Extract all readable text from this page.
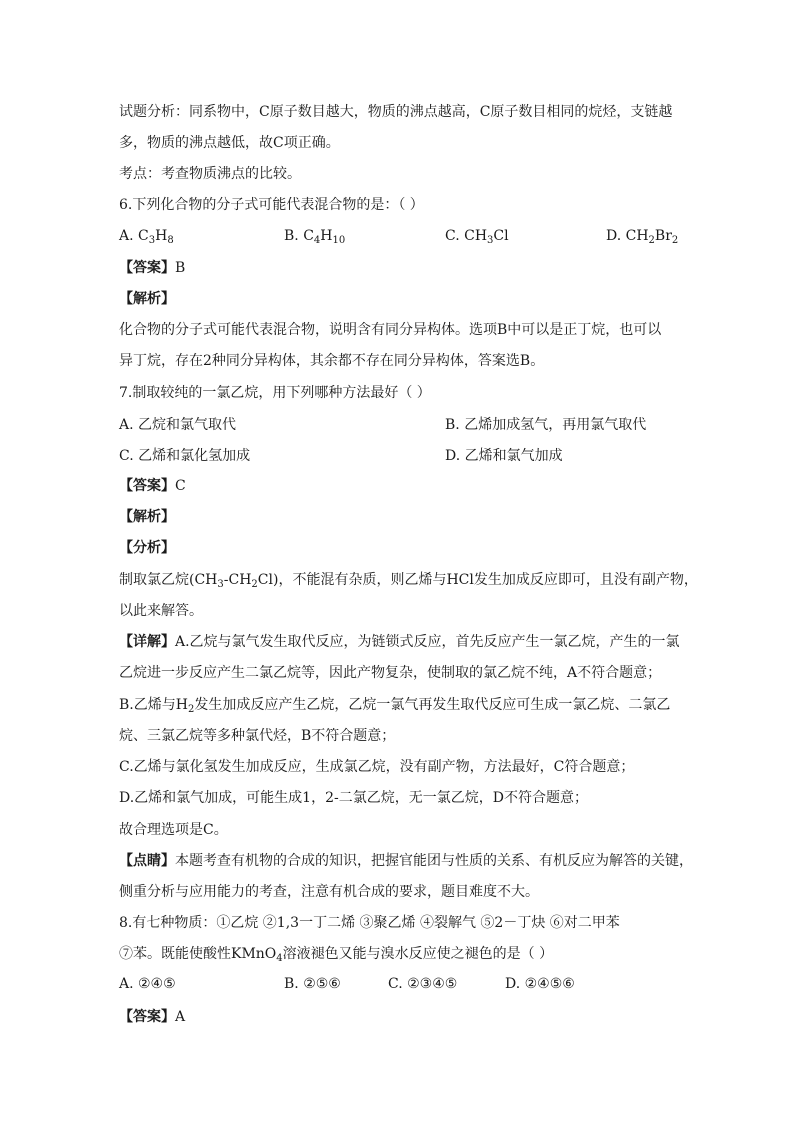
试题分析：同系物中，C原子数目越大，物质的沸点越高，C原子数目相同的烷烃，支链越
多，物质的沸点越低，故C项正确。
考点：考查物质沸点的比较。
6.下列化合物的分子式可能代表混合物的是：（ ）
A. $C_3H_8$	B. $C_4H_{10}$	C. $CH_3Cl$	D. $CH_2Br_2$
【答案】B
【解析】
化合物的分子式可能代表混合物，说明含有同分异构体。选项B中可以是正丁烷，也可以
异丁烷，存在2种同分异构体，其余都不存在同分异构体，答案选B。
7.制取较纯的一氯乙烷，用下列哪种方法最好（ ）
A. 乙烷和氯气取代	B. 乙烯加成氢气，再用氯气取代
C. 乙烯和氯化氢加成	D. 乙烯和氯气加成
【答案】C
【解析】
【分析】
制取氯乙烷$(CH_3-CH_2Cl)$，不能混有杂质，则乙烯与HCl发生加成反应即可，且没有副产物，
以此来解答。
【详解】A.乙烷与氯气发生取代反应，为链锁式反应，首先反应产生一氯乙烷，产生的一氯
乙烷进一步反应产生二氯乙烷等，因此产物复杂，使制取的氯乙烷不纯，A不符合题意；
B.乙烯与$H_2$发生加成反应产生乙烷，乙烷一氯气再发生取代反应可生成一氯乙烷、二氯乙
烷、三氯乙烷等多种氯代烃，B不符合题意；
C.乙烯与氯化氢发生加成反应，生成氯乙烷，没有副产物，方法最好，C符合题意；
D.乙烯和氯气加成，可能生成1，2-二氯乙烷，无一氯乙烷，D不符合题意；
故合理选项是C。
【点睛】本题考查有机物的合成的知识，把握官能团与性质的关系、有机反应为解答的关键，
侧重分析与应用能力的考查，注意有机合成的要求，题目难度不大。
8.有七种物质：①乙烷 ②1,3一丁二烯 ③聚乙烯 ④裂解气 ⑤2－丁炔 ⑥对二甲苯
⑦苯。既能使酸性KMnO$_4$溶液褪色又能与溴水反应使之褪色的是（ ）
A. ②④⑤	B. ②⑤⑥	C. ②③④⑤	D. ②④⑤⑥
【答案】A
